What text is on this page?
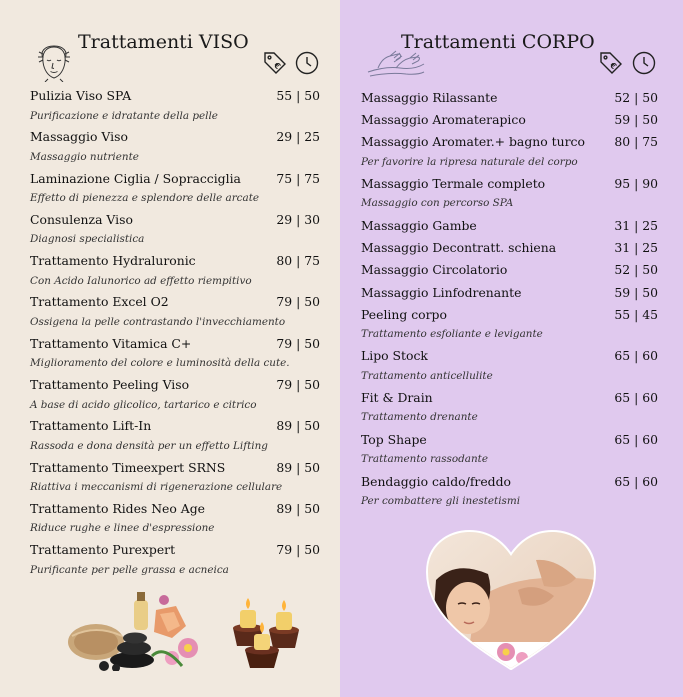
Trattamenti VISO
€
Pulizia Viso SPA	55 | 50
Purificazione e idratante della pelle
Massaggio Viso	29 | 25
Massaggio nutriente
Laminazione Ciglia / Sopracciglia	75 | 75
Effetto di pienezza e splendore delle arcate
Consulenza Viso	29 | 30
Diagnosi specialistica
Trattamento Hydraluronic	80 | 75
Con Acido Ialunorico ad effetto riempitivo
Trattamento Excel O2	79 | 50
Ossigena la pelle contrastando l'invecchiamento
Trattamento Vitamica C+	79 | 50
Miglioramento del colore e luminosità della cute.
Trattamento Peeling Viso	79 | 50
A base di acido glicolico, tartarico e citrico
Trattamento Lift-In	89 | 50
Rassoda e dona densità per un effetto Lifting
Trattamento Timeexpert SRNS	89 | 50
Riattiva i meccanismi di rigenerazione cellulare
Trattamento Rides Neo Age	89 | 50
Riduce rughe e linee d'espressione
Trattamento Purexpert	79 | 50
Purificante per pelle grassa e acneica
Trattamenti CORPO
€
Massaggio Rilassante	52 | 50
Massaggio Aromaterapico	59 | 50
Massaggio Aromater.+ bagno turco 80 | 75
Per favorire la ripresa naturale del corpo
Massaggio Termale completo	95 | 90
Massaggio con percorso SPA
Massaggio Gambe	31 | 25
Massaggio Decontratt. schiena	31 | 25
Massaggio Circolatorio	52 | 50
Massaggio Linfodrenante	59 | 50
Peeling corpo	55 | 45
Trattamento esfoliante e levigante
Lipo Stock	65 | 60
Trattamento anticellulite
Fit & Drain	65 | 60
Trattamento drenante
Top Shape	65 | 60
Trattamento rassodante
Bendaggio caldo/freddo	65 | 60
Per combattere gli inestetismi
